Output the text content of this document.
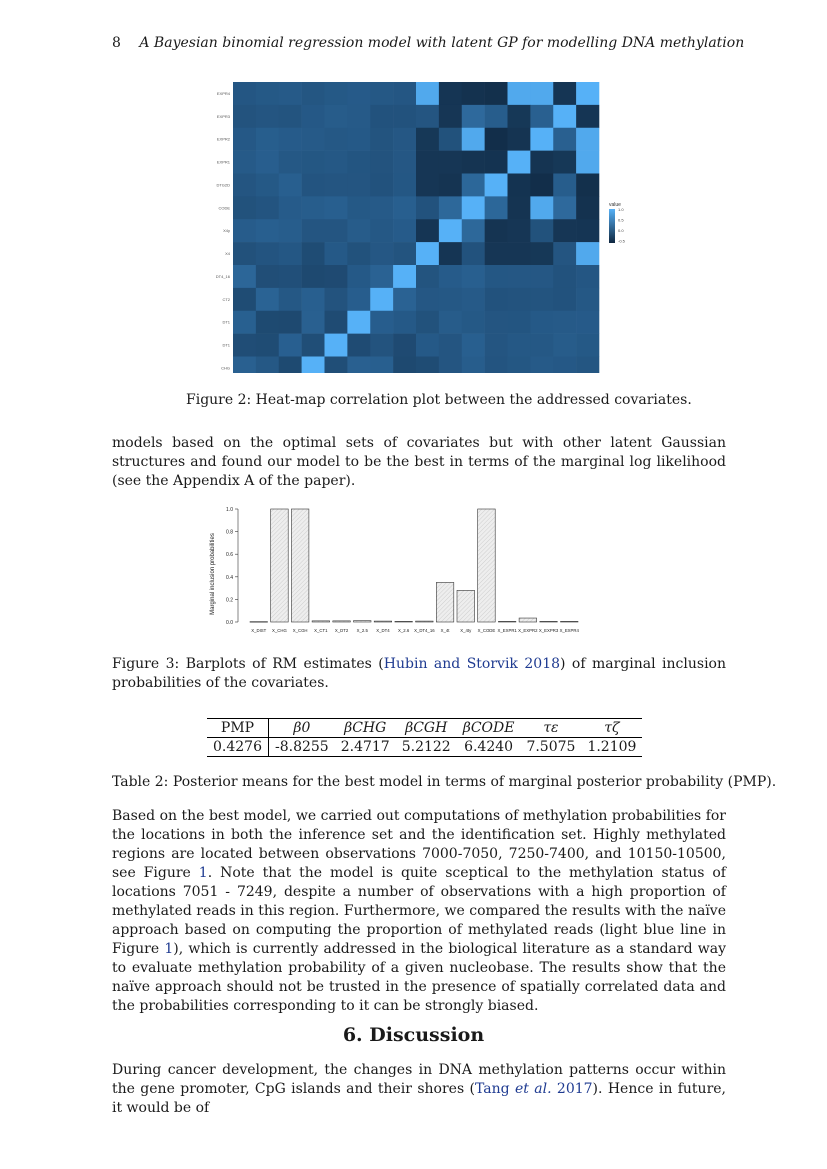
8 A Bayesian binomial regression model with latent GP for modelling DNA methylation
EXPR4
EXPR3
EXPR2
EXPR1
DTG2D
CODE
X4y
X4
DT4_16
CT2
DT1
DT1
CHG
value
1.0
0.5
0.0
-0.5
Figure 2: Heat-map correlation plot between the addressed covariates.
models based on the optimal sets of covariates but with other latent Gaussian structures and found our model to be the best in terms of the marginal log likelihood (see the Appendix A of the paper).
Marginal inclusion probabilities
0.0
0.2
0.4
0.6
0.8
1.0
X_DIST X_CHG X_CGH X_CT1 X_DT2 X_2.5 X_DT4 X_2.6 X_DT4_16 X_4t	X_4ty X_CODE X_EXPR1 X_EXPR2 X_EXPR3 X_EXPR4
Figure 3: Barplots of RM estimates (Hubin and Storvik 2018) of marginal inclusion probabilities of the covariates.
PMP	β0	βCHG	βCGH	βCODE	τε	τζ
0.4276	-8.8255	2.4717	5.2122	6.4240	7.5075	1.2109
Table 2: Posterior means for the best model in terms of marginal posterior probability (PMP).
Based on the best model, we carried out computations of methylation probabilities for the locations in both the inference set and the identification set. Highly methylated regions are located between observations 7000-7050, 7250-7400, and 10150-10500, see Figure 1. Note that the model is quite sceptical to the methylation status of locations 7051 - 7249, despite a number of observations with a high proportion of methylated reads in this region. Furthermore, we compared the results with the naïve approach based on computing the proportion of methylated reads (light blue line in Figure 1), which is currently addressed in the biological literature as a standard way to evaluate methylation probability of a given nucleobase. The results show that the naïve approach should not be trusted in the presence of spatially correlated data and the probabilities corresponding to it can be strongly biased.
6. Discussion
During cancer development, the changes in DNA methylation patterns occur within the gene promoter, CpG islands and their shores (Tang et al. 2017). Hence in future, it would be of
